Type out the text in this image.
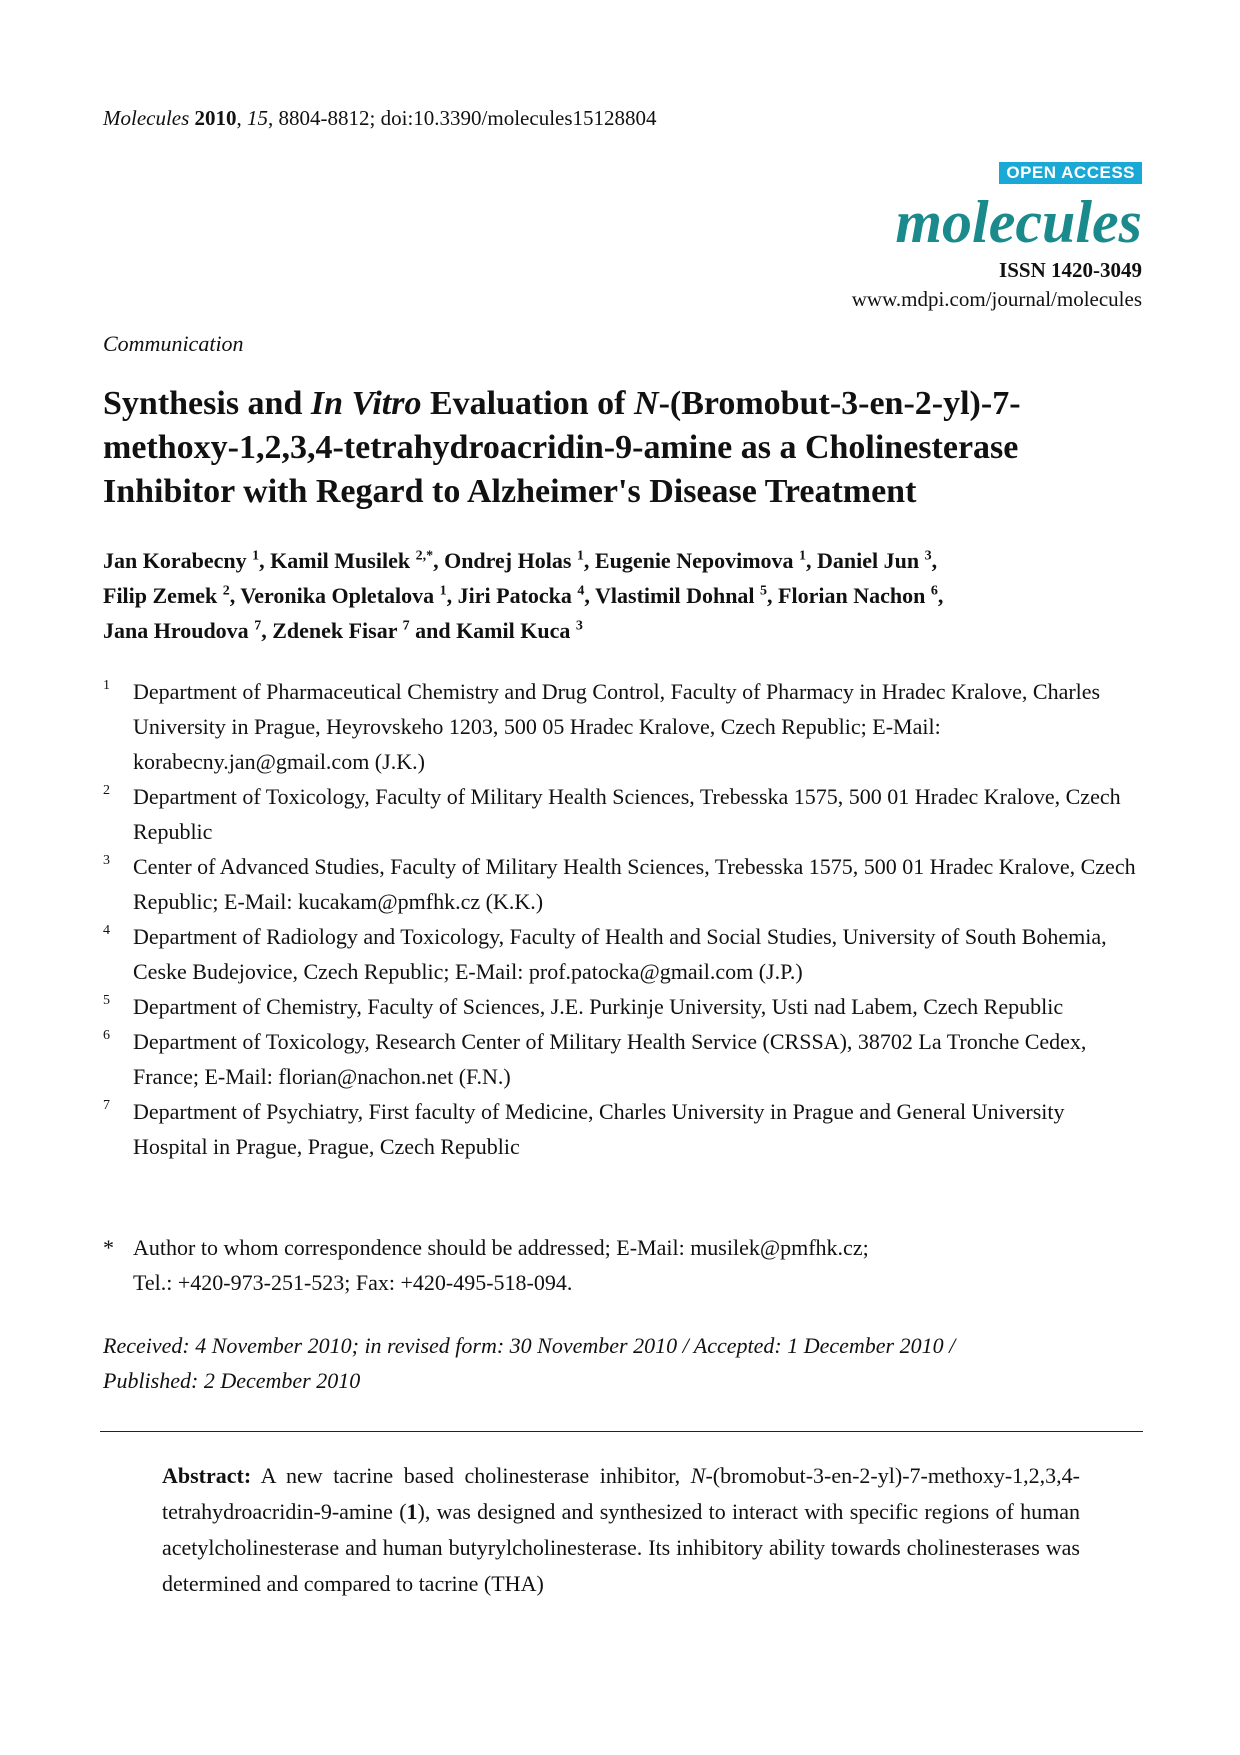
Molecules 2010, 15, 8804-8812; doi:10.3390/molecules15128804
OPEN ACCESS
molecules
ISSN 1420-3049
www.mdpi.com/journal/molecules
Communication
Synthesis and In Vitro Evaluation of N-(Bromobut-3-en-2-yl)-7-methoxy-1,2,3,4-tetrahydroacridin-9-amine as a Cholinesterase Inhibitor with Regard to Alzheimer's Disease Treatment
Jan Korabecny $^1$, Kamil Musilek $^{2,*}$, Ondrej Holas $^1$, Eugenie Nepovimova $^1$, Daniel Jun $^3$,
Filip Zemek $^2$, Veronika Opletalova $^1$, Jiri Patocka $^4$, Vlastimil Dohnal $^5$, Florian Nachon $^6$,
Jana Hroudova $^7$, Zdenek Fisar $^7$ and Kamil Kuca $^3$
1 Department of Pharmaceutical Chemistry and Drug Control, Faculty of Pharmacy in Hradec Kralove, Charles University in Prague, Heyrovskeho 1203, 500 05 Hradec Kralove, Czech Republic; E-Mail: korabecny.jan@gmail.com (J.K.)
2 Department of Toxicology, Faculty of Military Health Sciences, Trebesska 1575, 500 01 Hradec Kralove, Czech Republic
3 Center of Advanced Studies, Faculty of Military Health Sciences, Trebesska 1575, 500 01 Hradec Kralove, Czech Republic; E-Mail: kucakam@pmfhk.cz (K.K.)
4 Department of Radiology and Toxicology, Faculty of Health and Social Studies, University of South Bohemia, Ceske Budejovice, Czech Republic; E-Mail: prof.patocka@gmail.com (J.P.)
5 Department of Chemistry, Faculty of Sciences, J.E. Purkinje University, Usti nad Labem, Czech Republic
6 Department of Toxicology, Research Center of Military Health Service (CRSSA), 38702 La Tronche Cedex, France; E-Mail: florian@nachon.net (F.N.)
7 Department of Psychiatry, First faculty of Medicine, Charles University in Prague and General University Hospital in Prague, Prague, Czech Republic
* Author to whom correspondence should be addressed; E-Mail: musilek@pmfhk.cz;
Tel.: +420-973-251-523; Fax: +420-495-518-094.
Received: 4 November 2010; in revised form: 30 November 2010 / Accepted: 1 December 2010 /
Published: 2 December 2010
Abstract: A new tacrine based cholinesterase inhibitor, N-(bromobut-3-en-2-yl)-7-methoxy-1,2,3,4-tetrahydroacridin-9-amine (1), was designed and synthesized to interact with specific regions of human acetylcholinesterase and human butyrylcholinesterase. Its inhibitory ability towards cholinesterases was determined and compared to tacrine (THA)
